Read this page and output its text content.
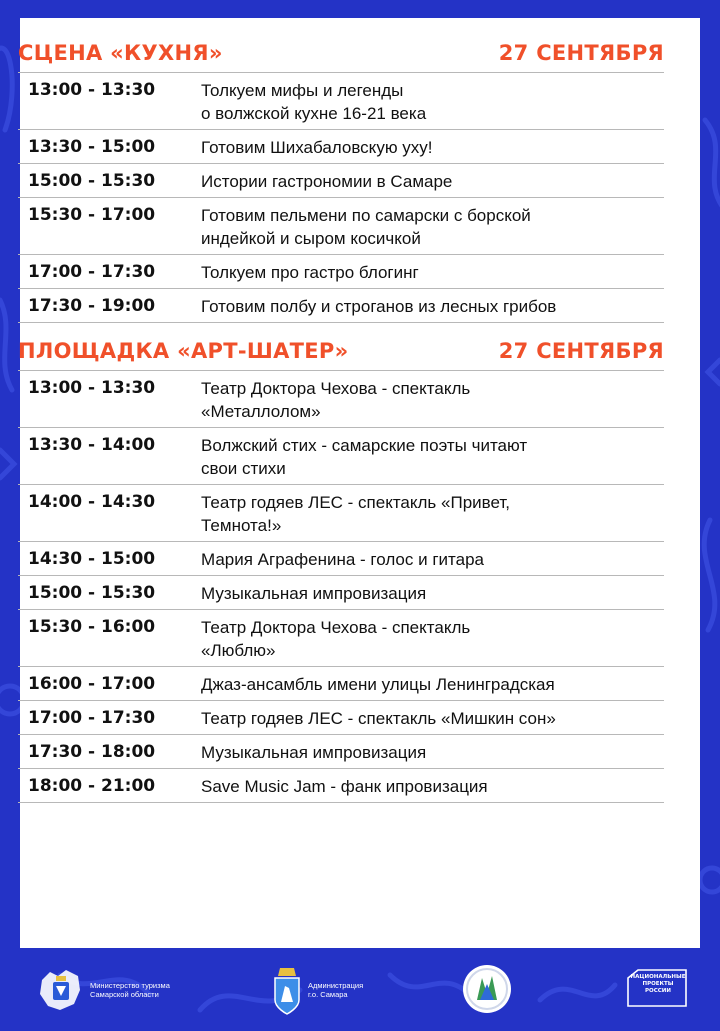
СЦЕНА «КУХНЯ»	27 СЕНТЯБРЯ
13:00 - 13:30	Толкуем мифы и легенды
о волжской кухне 16-21 века
13:30 - 15:00	Готовим Шихабаловскую уху!
15:00 - 15:30	Истории гастрономии в Самаре
15:30 - 17:00	Готовим пельмени по самарски с борской
индейкой и сыром косичкой
17:00 - 17:30	Толкуем про гастро блогинг
17:30 - 19:00	Готовим полбу и строганов из лесных грибов
ПЛОЩАДКА «АРТ-ШАТЕР»	27 СЕНТЯБРЯ
13:00 - 13:30	Театр Доктора Чехова - спектакль
«Металлолом»
13:30 - 14:00	Волжский стих - самарские поэты читают
свои стихи
14:00 - 14:30	Театр годяев ЛЕС - спектакль «Привет,
Темнота!»
14:30 - 15:00	Мария Аграфенина - голос и гитара
15:00 - 15:30	Музыкальная импровизация
15:30 - 16:00	Театр Доктора Чехова - спектакль
«Люблю»
16:00 - 17:00	Джаз-ансамбль имени улицы Ленинградская
17:00 - 17:30	Театр годяев ЛЕС - спектакль «Мишкин сон»
17:30 - 18:00	Музыкальная импровизация
18:00 - 21:00	Save Music Jam - фанк ипровизация
Министерство туризма
Самарской области
Администрация
г.о. Самара
НАЦИОНАЛЬНЫЕ
ПРОЕКТЫ
РОССИИ
